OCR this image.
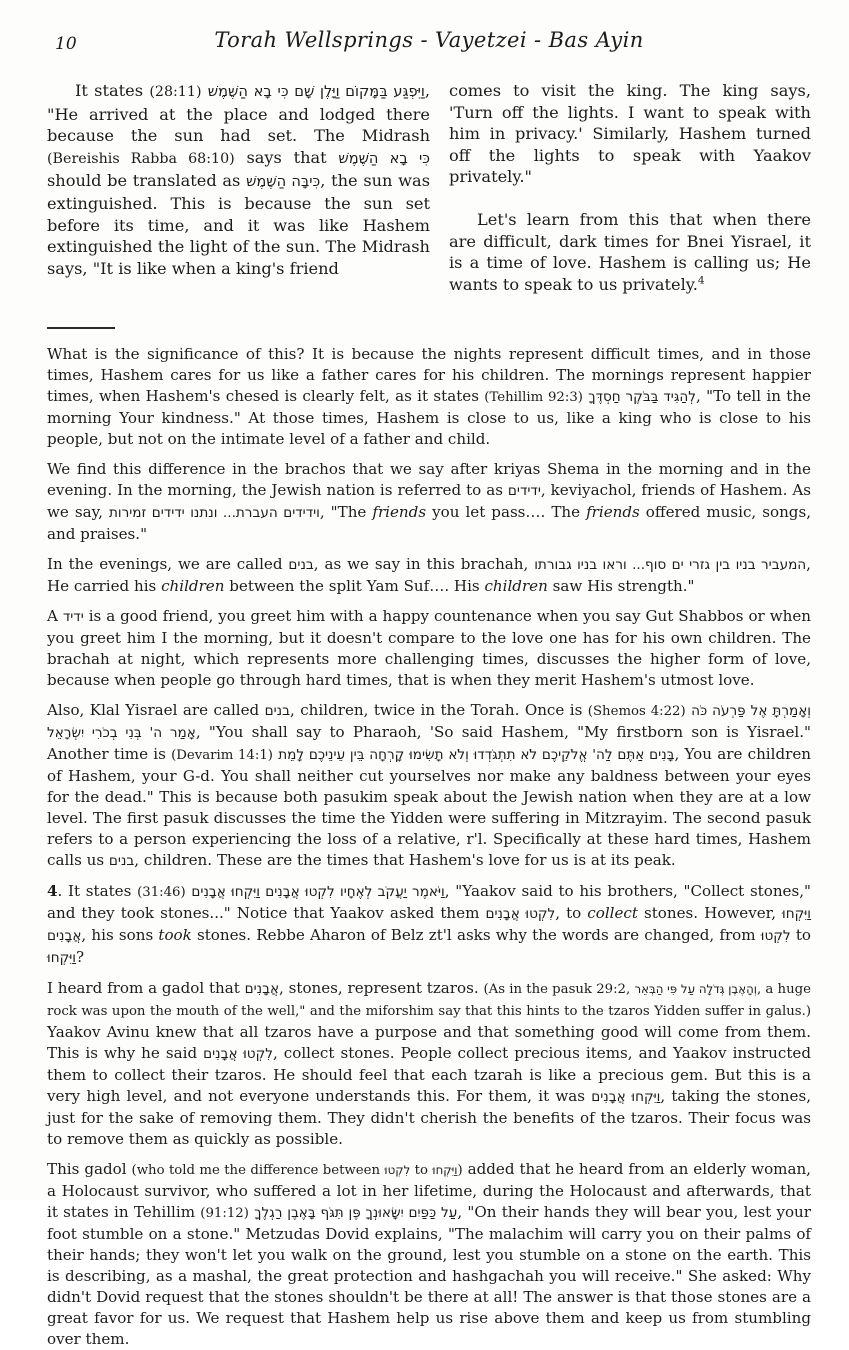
10	Torah Wellsprings - Vayetzei - Bas Ayin

It states (28:11) וַיִּפְגַּע בַּמָּקוֹם וַיָּלֶן שָׁם כִּי בָא הַשֶּׁמֶשׁ, "He arrived at the place and lodged there because the sun had set. The Midrash (Bereishis Rabba 68:10) says that כִּי בָא הַשֶּׁמֶשׁ should be translated as כִּיבָּה הַשֶּׁמֶשׁ, the sun was extinguished. This is because the sun set before its time, and it was like Hashem extinguished the light of the sun. The Midrash says, "It is like when a king's friend

comes to visit the king. The king says, 'Turn off the lights. I want to speak with him in privacy.' Similarly, Hashem turned off the lights to speak with Yaakov privately."

Let's learn from this that when there are difficult, dark times for Bnei Yisrael, it is a time of love. Hashem is calling us; He wants to speak to us privately.$^4$

What is the significance of this? It is because the nights represent difficult times, and in those times, Hashem cares for us like a father cares for his children. The mornings represent happier times, when Hashem's chesed is clearly felt, as it states (Tehillim 92:3) לְהַגִּיד בַּבֹּקֶר חַסְדֶּךָ, "To tell in the morning Your kindness." At those times, Hashem is close to us, like a king who is close to his people, but not on the intimate level of a father and child.

We find this difference in the brachos that we say after kriyas Shema in the morning and in the evening. In the morning, the Jewish nation is referred to as ידידים, keviyachol, friends of Hashem. As we say, וידידים העברת... ונתנו ידידים זמירות, "The friends you let pass…. The friends offered music, songs, and praises."

In the evenings, we are called בנים, as we say in this brachah, המעביר בניו בין גזרי ים סוף... וראו בניו גבורתו, He carried his children between the split Yam Suf…. His children saw His strength."

A ידיד is a good friend, you greet him with a happy countenance when you say Gut Shabbos or when you greet him I the morning, but it doesn't compare to the love one has for his own children. The brachah at night, which represents more challenging times, discusses the higher form of love, because when people go through hard times, that is when they merit Hashem's utmost love.

Also, Klal Yisrael are called בנים, children, twice in the Torah. Once is (Shemos 4:22) וְאָמַרְתָּ אֶל פַּרְעֹה כֹּה אָמַר ה' בְּנִי בְכֹרִי יִשְׂרָאֵל, "You shall say to Pharaoh, 'So said Hashem, "My firstborn son is Yisrael." Another time is (Devarim 14:1) בָּנִים אַתֶּם לַה' אֱלֹקֵיכֶם לֹא תִתְגֹּדְדוּ וְלֹא תָשִׂימוּ קָרְחָה בֵּין עֵינֵיכֶם לָמֵת, You are children of Hashem, your G-d. You shall neither cut yourselves nor make any baldness between your eyes for the dead." This is because both pasukim speak about the Jewish nation when they are at a low level. The first pasuk discusses the time the Yidden were suffering in Mitzrayim. The second pasuk refers to a person experiencing the loss of a relative, r'l. Specifically at these hard times, Hashem calls us בנים, children. These are the times that Hashem's love for us is at its peak.

4. It states (31:46) וַיֹּאמֶר יַעֲקֹב לְאֶחָיו לִקְטוּ אֲבָנִים וַיִּקְחוּ אֲבָנִים, "Yaakov said to his brothers, "Collect stones," and they took stones..." Notice that Yaakov asked them לִקְטוּ אֲבָנִים, to collect stones. However, וַיִּקְחוּ אֲבָנִים, his sons took stones. Rebbe Aharon of Belz zt'l asks why the words are changed, from לִקְטוּ to וַיִּקְחוּ?

I heard from a gadol that אֲבָנִים, stones, represent tzaros. (As in the pasuk 29:2, וְהָאֶבֶן גְּדֹלָה עַל פִּי הַבְּאֵר, a huge rock was upon the mouth of the well," and the miforshim say that this hints to the tzaros Yidden suffer in galus.) Yaakov Avinu knew that all tzaros have a purpose and that something good will come from them. This is why he said לִקְטוּ אֲבָנִים, collect stones. People collect precious items, and Yaakov instructed them to collect their tzaros. He should feel that each tzarah is like a precious gem. But this is a very high level, and not everyone understands this. For them, it was וַיִּקְחוּ אֲבָנִים, taking the stones, just for the sake of removing them. They didn't cherish the benefits of the tzaros. Their focus was to remove them as quickly as possible.

This gadol (who told me the difference between לִקְטוּ to וַיִּקְחוּ) added that he heard from an elderly woman, a Holocaust survivor, who suffered a lot in her lifetime, during the Holocaust and afterwards, that it states in Tehillim (91:12) עַל כַּפַּיִם יִשָּׂאוּנְךָ פֶּן תִּגֹּף בָּאֶבֶן רַגְלֶךָ, "On their hands they will bear you, lest your foot stumble on a stone." Metzudas Dovid explains, "The malachim will carry you on their palms of their hands; they won't let you walk on the ground, lest you stumble on a stone on the earth. This is describing, as a mashal, the great protection and hashgachah you will receive." She asked: Why didn't Dovid request that the stones shouldn't be there at all! The answer is that those stones are a great favor for us. We request that Hashem help us rise above them and keep us from stumbling over them.
